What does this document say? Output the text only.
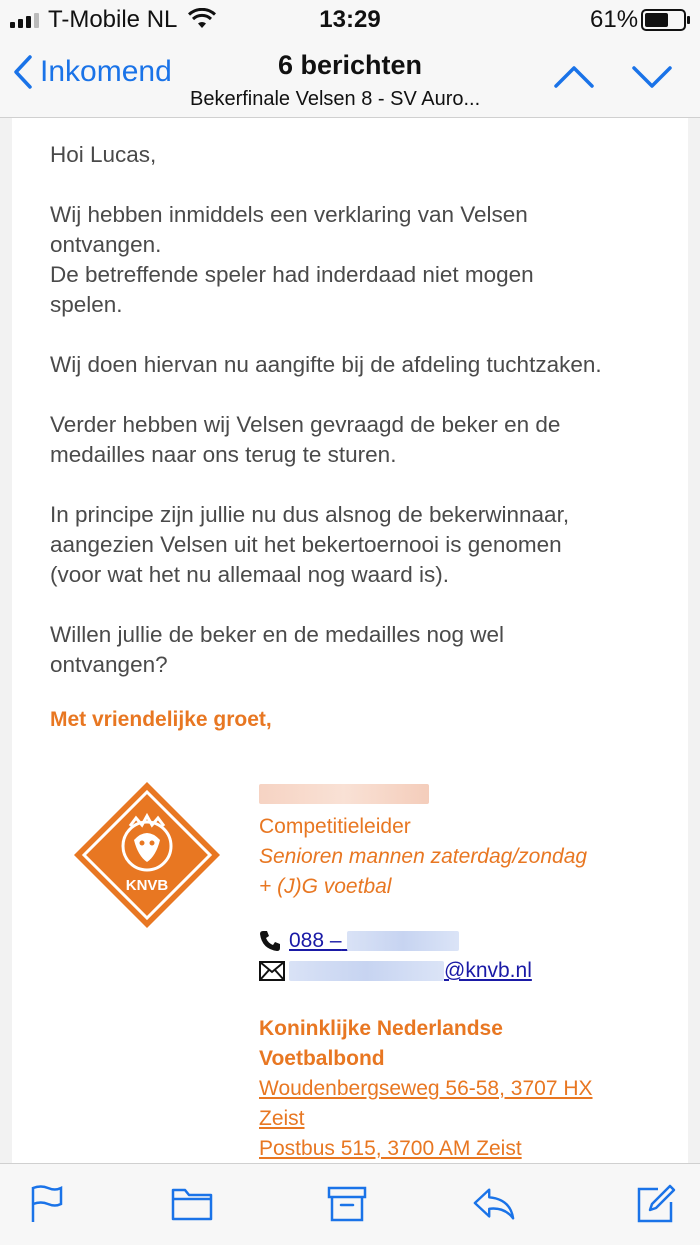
T-Mobile NL	13:29	61%
Inkomend	6 berichten
Bekerfinale Velsen 8 - SV Auro...

Hoi Lucas,

Wij hebben inmiddels een verklaring van Velsen
ontvangen.
De betreffende speler had inderdaad niet mogen
spelen.

Wij doen hiervan nu aangifte bij de afdeling tuchtzaken.

Verder hebben wij Velsen gevraagd de beker en de
medailles naar ons terug te sturen.

In principe zijn jullie nu dus alsnog de bekerwinnaar,
aangezien Velsen uit het bekertoernooi is genomen
(voor wat het nu allemaal nog waard is).

Willen jullie de beker en de medailles nog wel
ontvangen?

Met vriendelijke groet,
KNVB
Competitieleider
Senioren mannen zaterdag/zondag
+ (J)G voetbal
088 –
@knvb.nl
Koninklijke Nederlandse
Voetbalbond
Woudenbergseweg 56-58, 3707 HX
Zeist
Postbus 515, 3700 AM Zeist
